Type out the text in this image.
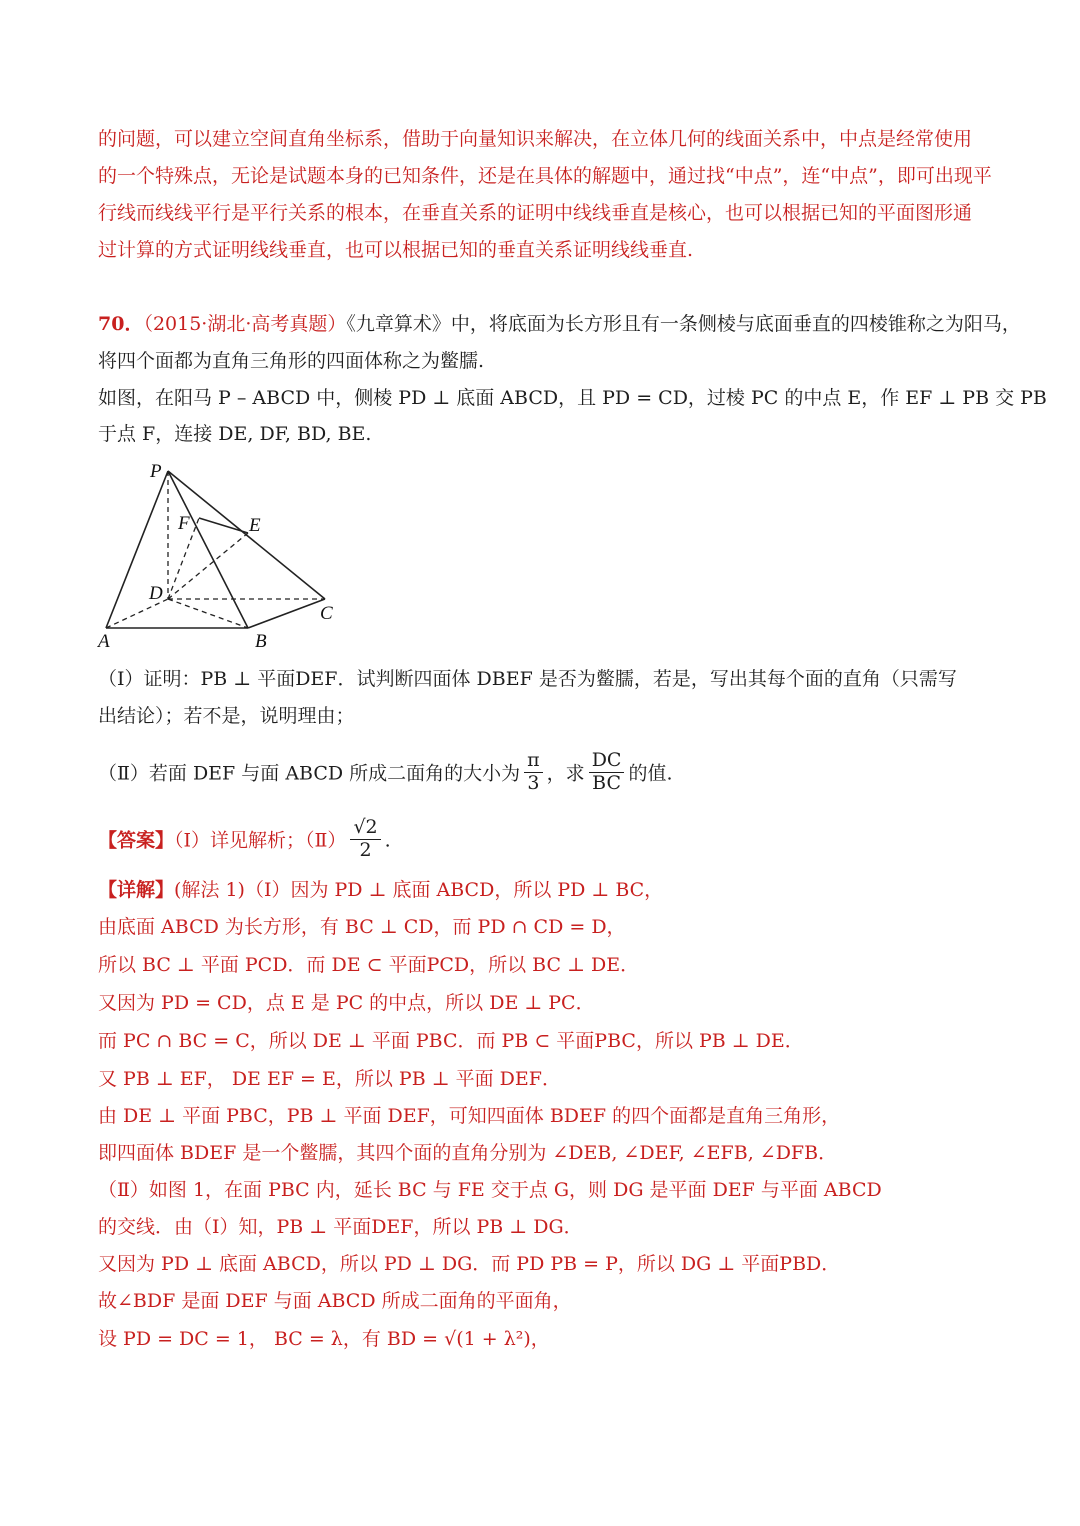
的问题，可以建立空间直角坐标系，借助于向量知识来解决，在立体几何的线面关系中，中点是经常使用
的一个特殊点，无论是试题本身的已知条件，还是在具体的解题中，通过找“中点”，连“中点”，即可出现平
行线而线线平行是平行关系的根本，在垂直关系的证明中线线垂直是核心，也可以根据已知的平面图形通
过计算的方式证明线线垂直，也可以根据已知的垂直关系证明线线垂直.
70．（2015·湖北·高考真题）《九章算术》中，将底面为长方形且有一条侧棱与底面垂直的四棱锥称之为阳马，
将四个面都为直角三角形的四面体称之为鳖臑.
如图，在阳马 P – ABCD 中，侧棱 PD ⊥ 底面 ABCD，且 PD = CD，过棱 PC 的中点 E，作 EF ⊥ PB 交 PB
于点 F，连接 DE, DF, BD, BE.
P
F	E
D
C
A	B
（Ⅰ）证明：PB ⊥ 平面DEF．试判断四面体 DBEF 是否为鳖臑，若是，写出其每个面的直角（只需写
出结论）；若不是，说明理由；
（Ⅱ）若面 DEF 与面 ABCD 所成二面角的大小为 $\frac{\pi}{3}$ ，求 $\frac{DC}{BC}$ 的值.
【答案】（Ⅰ）详见解析；（Ⅱ） $\frac{√2}{2}$ .
【详解】(解法 1)（Ⅰ）因为 PD ⊥ 底面 ABCD，所以 PD ⊥ BC，
由底面 ABCD 为长方形，有 BC ⊥ CD，而 PD ∩ CD = D，
所以 BC ⊥ 平面 PCD．而 DE ⊂ 平面PCD，所以 BC ⊥ DE．
又因为 PD = CD，点 E 是 PC 的中点，所以 DE ⊥ PC．
而 PC ∩ BC = C，所以 DE ⊥ 平面 PBC．而 PB ⊂ 平面PBC，所以 PB ⊥ DE．
又 PB ⊥ EF， DE EF = E，所以 PB ⊥ 平面 DEF．
由 DE ⊥ 平面 PBC，PB ⊥ 平面 DEF，可知四面体 BDEF 的四个面都是直角三角形，
即四面体 BDEF 是一个鳖臑，其四个面的直角分别为 ∠DEB, ∠DEF, ∠EFB, ∠DFB．
（Ⅱ）如图 1，在面 PBC 内，延长 BC 与 FE 交于点 G，则 DG 是平面 DEF 与平面 ABCD
的交线．由（Ⅰ）知，PB ⊥ 平面DEF，所以 PB ⊥ DG．
又因为 PD ⊥ 底面 ABCD，所以 PD ⊥ DG．而 PD PB = P，所以 DG ⊥ 平面PBD．
故∠BDF 是面 DEF 与面 ABCD 所成二面角的平面角，
设 PD = DC = 1， BC = λ，有 BD = √(1 + λ²)，
